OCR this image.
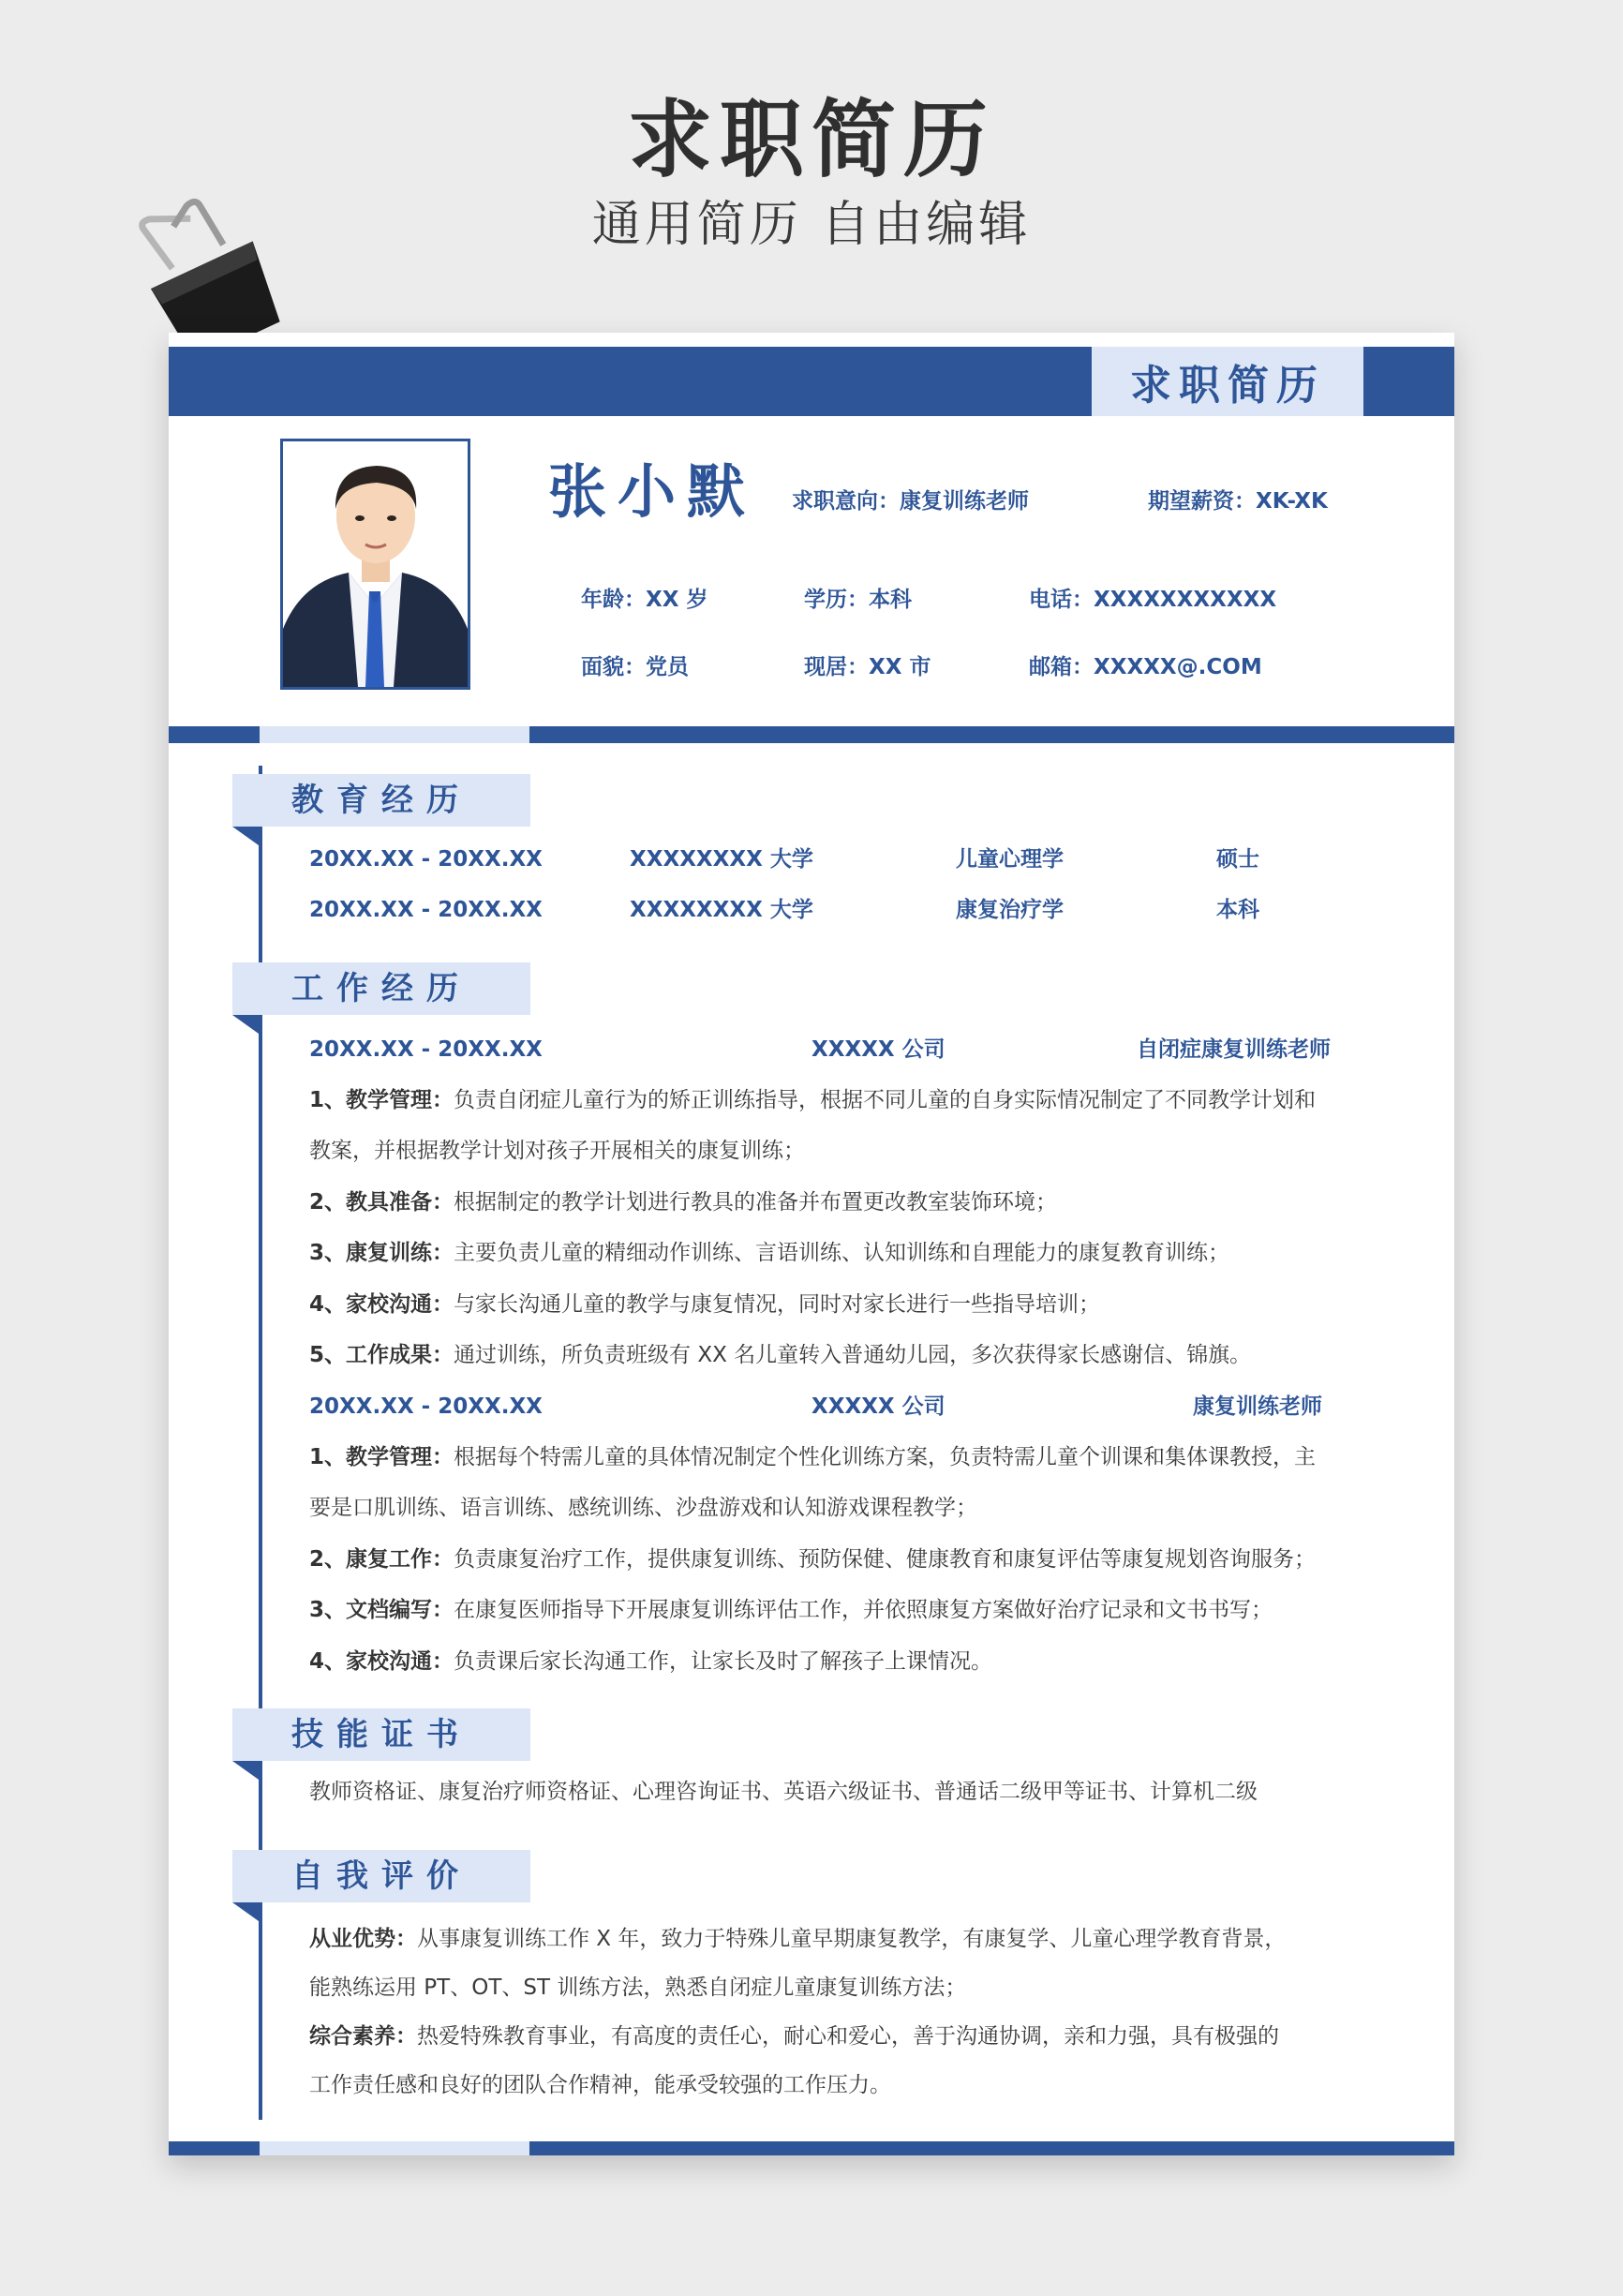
求职简历
通用简历 自由编辑
求职简历
张小默 求职意向：康复训练老师	期望薪资：XK-XK
年龄：XX 岁	学历：本科	电话：XXXXXXXXXXX
面貌：党员	现居：XX 市	邮箱：XXXXX@.COM
教育经历
20XX.XX - 20XX.XX	XXXXXXXX 大学	儿童心理学	硕士
20XX.XX - 20XX.XX	XXXXXXXX 大学	康复治疗学	本科
工作经历
20XX.XX - 20XX.XX	XXXXX 公司	自闭症康复训练老师
1、教学管理：负责自闭症儿童行为的矫正训练指导，根据不同儿童的自身实际情况制定了不同教学计划和
教案，并根据教学计划对孩子开展相关的康复训练；
2、教具准备：根据制定的教学计划进行教具的准备并布置更改教室装饰环境；
3、康复训练：主要负责儿童的精细动作训练、言语训练、认知训练和自理能力的康复教育训练；
4、家校沟通：与家长沟通儿童的教学与康复情况，同时对家长进行一些指导培训；
5、工作成果：通过训练，所负责班级有 XX 名儿童转入普通幼儿园，多次获得家长感谢信、锦旗。
20XX.XX - 20XX.XX	XXXXX 公司	康复训练老师
1、教学管理：根据每个特需儿童的具体情况制定个性化训练方案，负责特需儿童个训课和集体课教授，主
要是口肌训练、语言训练、感统训练、沙盘游戏和认知游戏课程教学；
2、康复工作：负责康复治疗工作，提供康复训练、预防保健、健康教育和康复评估等康复规划咨询服务；
3、文档编写：在康复医师指导下开展康复训练评估工作，并依照康复方案做好治疗记录和文书书写；
4、家校沟通：负责课后家长沟通工作，让家长及时了解孩子上课情况。
技能证书
教师资格证、康复治疗师资格证、心理咨询证书、英语六级证书、普通话二级甲等证书、计算机二级
自我评价
从业优势：从事康复训练工作 X 年，致力于特殊儿童早期康复教学，有康复学、儿童心理学教育背景，
能熟练运用 PT、OT、ST 训练方法，熟悉自闭症儿童康复训练方法；
综合素养：热爱特殊教育事业，有高度的责任心，耐心和爱心，善于沟通协调，亲和力强，具有极强的
工作责任感和良好的团队合作精神，能承受较强的工作压力。
